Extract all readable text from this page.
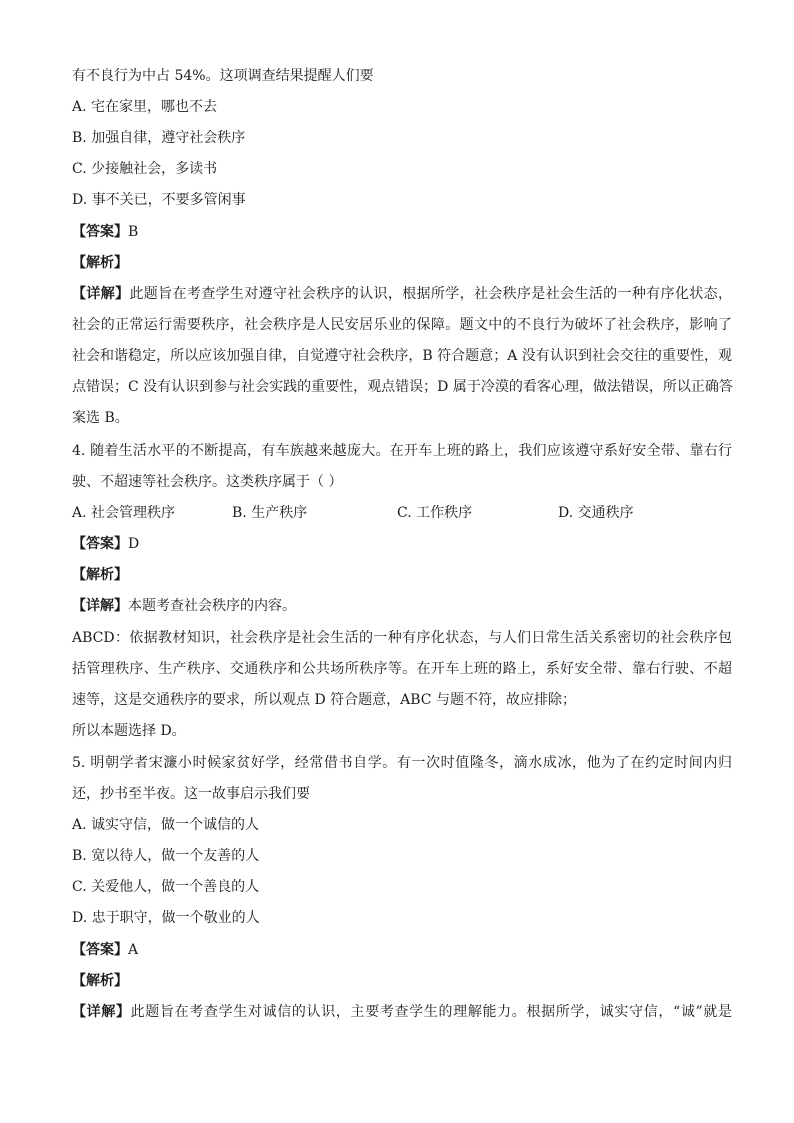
有不良行为中占 54%。这项调查结果提醒人们要
A. 宅在家里，哪也不去
B. 加强自律，遵守社会秩序
C. 少接触社会，多读书
D. 事不关已，不要多管闲事
【答案】B
【解析】
【详解】此题旨在考查学生对遵守社会秩序的认识，根据所学，社会秩序是社会生活的一种有序化状态，
社会的正常运行需要秩序，社会秩序是人民安居乐业的保障。题文中的不良行为破坏了社会秩序，影响了
社会和谐稳定，所以应该加强自律，自觉遵守社会秩序，B 符合题意；A 没有认识到社会交往的重要性，观
点错误；C 没有认识到参与社会实践的重要性，观点错误；D 属于冷漠的看客心理，做法错误，所以正确答
案选 B。
4. 随着生活水平的不断提高，有车族越来越庞大。在开车上班的路上，我们应该遵守系好安全带、靠右行
驶、不超速等社会秩序。这类秩序属于（ ）
A. 社会管理秩序	B. 生产秩序	C. 工作秩序	D. 交通秩序
【答案】D
【解析】
【详解】本题考查社会秩序的内容。
ABCD：依据教材知识，社会秩序是社会生活的一种有序化状态，与人们日常生活关系密切的社会秩序包
括管理秩序、生产秩序、交通秩序和公共场所秩序等。在开车上班的路上，系好安全带、靠右行驶、不超
速等，这是交通秩序的要求，所以观点 D 符合题意，ABC 与题不符，故应排除；
所以本题选择 D。
5. 明朝学者宋濂小时候家贫好学，经常借书自学。有一次时值隆冬，滴水成冰，他为了在约定时间内归
还，抄书至半夜。这一故事启示我们要
A. 诚实守信，做一个诚信的人
B. 宽以待人，做一个友善的人
C. 关爱他人，做一个善良的人
D. 忠于职守，做一个敬业的人
【答案】A
【解析】
【详解】此题旨在考查学生对诚信的认识，主要考查学生的理解能力。根据所学，诚实守信，“诚”就是
